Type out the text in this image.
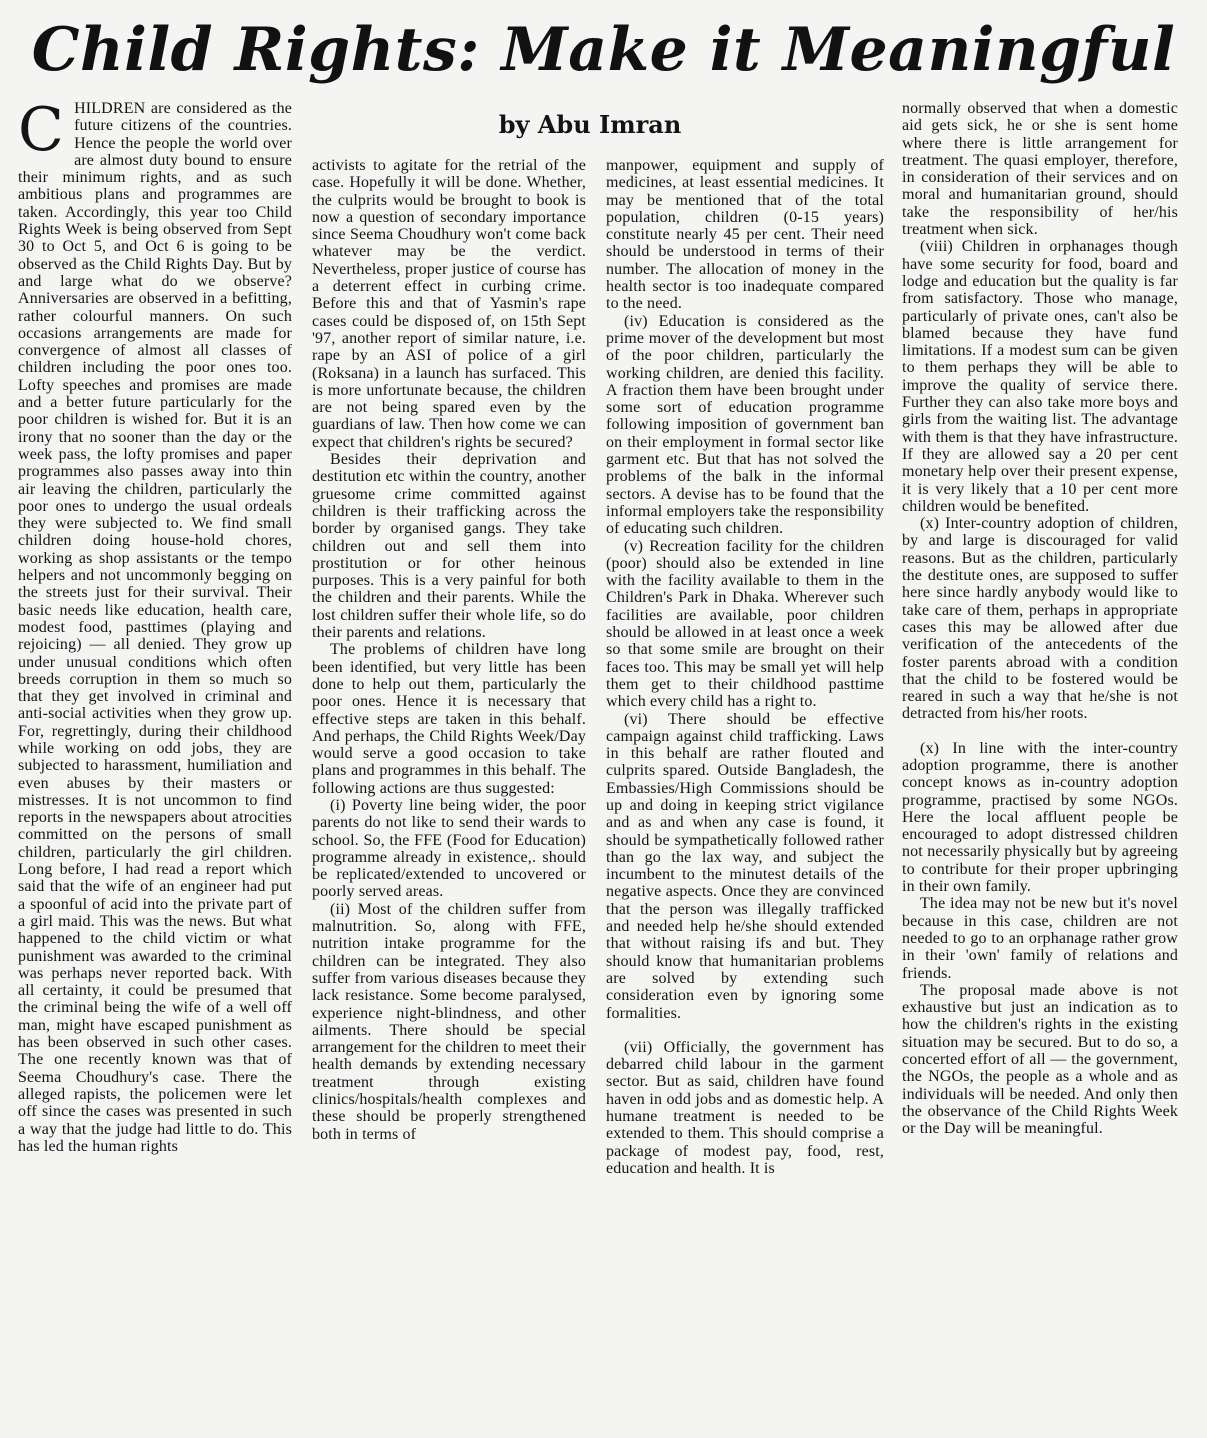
Child Rights: Make it Meaningful
by Abu Imran

CHILDREN are considered as the future citizens of the countries. Hence the people the world over are almost duty bound to ensure their minimum rights, and as such ambitious plans and programmes are taken. Accordingly, this year too Child Rights Week is being observed from Sept 30 to Oct 5, and Oct 6 is going to be observed as the Child Rights Day. But by and large what do we observe? Anniversaries are observed in a befitting, rather colourful manners. On such occasions arrangements are made for convergence of almost all classes of children including the poor ones too. Lofty speeches and promises are made and a better future particularly for the poor children is wished for. But it is an irony that no sooner than the day or the week pass, the lofty promises and paper programmes also passes away into thin air leaving the children, particularly the poor ones to undergo the usual ordeals they were subjected to. We find small children doing house-hold chores, working as shop assistants or the tempo helpers and not uncommonly begging on the streets just for their survival. Their basic needs like education, health care, modest food, pasttimes (playing and rejoicing) — all denied. They grow up under unusual conditions which often breeds corruption in them so much so that they get involved in criminal and anti-social activities when they grow up. For, regrettingly, during their childhood while working on odd jobs, they are subjected to harassment, humiliation and even abuses by their masters or mistresses. It is not uncommon to find reports in the newspapers about atrocities committed on the persons of small children, particularly the girl children. Long before, I had read a report which said that the wife of an engineer had put a spoonful of acid into the private part of a girl maid. This was the news. But what happened to the child victim or what punishment was awarded to the criminal was perhaps never reported back. With all certainty, it could be presumed that the criminal being the wife of a well off man, might have escaped punishment as has been observed in such other cases. The one recently known was that of Seema Choudhury's case. There the alleged rapists, the policemen were let off since the cases was presented in such a way that the judge had little to do. This has led the human rights

activists to agitate for the retrial of the case. Hopefully it will be done. Whether, the culprits would be brought to book is now a question of secondary importance since Seema Choudhury won't come back whatever may be the verdict. Nevertheless, proper justice of course has a deterrent effect in curbing crime. Before this and that of Yasmin's rape cases could be disposed of, on 15th Sept '97, another report of similar nature, i.e. rape by an ASI of police of a girl (Roksana) in a launch has surfaced. This is more unfortunate because, the children are not being spared even by the guardians of law. Then how come we can expect that children's rights be secured?

Besides their deprivation and destitution etc within the country, another gruesome crime committed against children is their trafficking across the border by organised gangs. They take children out and sell them into prostitution or for other heinous purposes. This is a very painful for both the children and their parents. While the lost children suffer their whole life, so do their parents and relations.

The problems of children have long been identified, but very little has been done to help out them, particularly the poor ones. Hence it is necessary that effective steps are taken in this behalf. And perhaps, the Child Rights Week/Day would serve a good occasion to take plans and programmes in this behalf. The following actions are thus suggested:

(i) Poverty line being wider, the poor parents do not like to send their wards to school. So, the FFE (Food for Education) programme already in existence,. should be replicated/extended to uncovered or poorly served areas.

(ii) Most of the children suffer from malnutrition. So, along with FFE, nutrition intake programme for the children can be integrated. They also suffer from various diseases because they lack resistance. Some become paralysed, experience night-blindness, and other ailments. There should be special arrangement for the children to meet their health demands by extending necessary treatment through existing clinics/hospitals/health complexes and these should be properly strengthened both in terms of

manpower, equipment and supply of medicines, at least essential medicines. It may be mentioned that of the total population, children (0-15 years) constitute nearly 45 per cent. Their need should be understood in terms of their number. The allocation of money in the health sector is too inadequate compared to the need.

(iv) Education is considered as the prime mover of the development but most of the poor children, particularly the working children, are denied this facility. A fraction them have been brought under some sort of education programme following imposition of government ban on their employment in formal sector like garment etc. But that has not solved the problems of the balk in the informal sectors. A devise has to be found that the informal employers take the responsibility of educating such children.

(v) Recreation facility for the children (poor) should also be extended in line with the facility available to them in the Children's Park in Dhaka. Wherever such facilities are available, poor children should be allowed in at least once a week so that some smile are brought on their faces too. This may be small yet will help them get to their childhood pasttime which every child has a right to.

(vi) There should be effective campaign against child trafficking. Laws in this behalf are rather flouted and culprits spared. Outside Bangladesh, the Embassies/High Commissions should be up and doing in keeping strict vigilance and as and when any case is found, it should be sympathetically followed rather than go the lax way, and subject the incumbent to the minutest details of the negative aspects. Once they are convinced that the person was illegally trafficked and needed help he/she should extended that without raising ifs and but. They should know that humanitarian problems are solved by extending such consideration even by ignoring some formalities.

(vii) Officially, the government has debarred child labour in the garment sector. But as said, children have found haven in odd jobs and as domestic help. A humane treatment is needed to be extended to them. This should comprise a package of modest pay, food, rest, education and health. It is

normally observed that when a domestic aid gets sick, he or she is sent home where there is little arrangement for treatment. The quasi employer, therefore, in consideration of their services and on moral and humanitarian ground, should take the responsibility of her/his treatment when sick.

(viii) Children in orphanages though have some security for food, board and lodge and education but the quality is far from satisfactory. Those who manage, particularly of private ones, can't also be blamed because they have fund limitations. If a modest sum can be given to them perhaps they will be able to improve the quality of service there. Further they can also take more boys and girls from the waiting list. The advantage with them is that they have infrastructure. If they are allowed say a 20 per cent monetary help over their present expense, it is very likely that a 10 per cent more children would be benefited.

(x) Inter-country adoption of children, by and large is discouraged for valid reasons. But as the children, particularly the destitute ones, are supposed to suffer here since hardly anybody would like to take care of them, perhaps in appropriate cases this may be allowed after due verification of the antecedents of the foster parents abroad with a condition that the child to be fostered would be reared in such a way that he/she is not detracted from his/her roots.

(x) In line with the inter-country adoption programme, there is another concept knows as in-country adoption programme, practised by some NGOs. Here the local affluent people be encouraged to adopt distressed children not necessarily physically but by agreeing to contribute for their proper upbringing in their own family.

The idea may not be new but it's novel because in this case, children are not needed to go to an orphanage rather grow in their 'own' family of relations and friends.

The proposal made above is not exhaustive but just an indication as to how the children's rights in the existing situation may be secured. But to do so, a concerted effort of all — the government, the NGOs, the people as a whole and as individuals will be needed. And only then the observance of the Child Rights Week or the Day will be meaningful.
